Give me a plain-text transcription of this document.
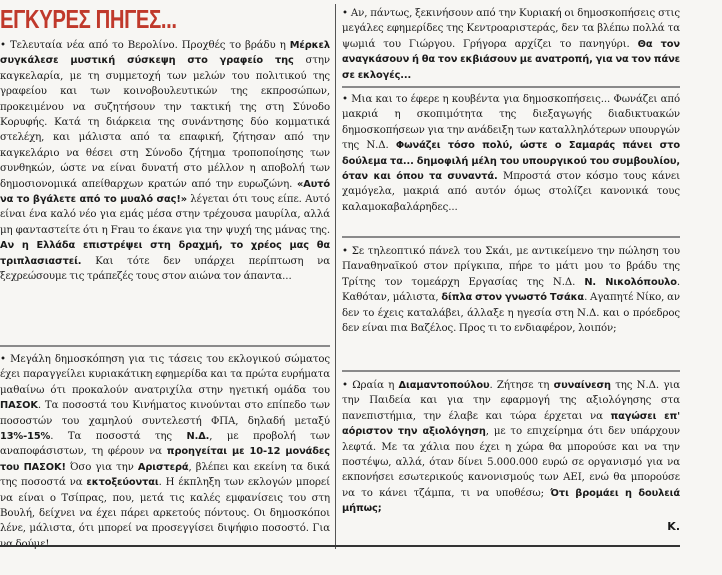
ΕΓΚΥΡΕΣ ΠΗΓΕΣ...

• Τελευταία νέα από το Βερολίνο. Προχθές το βράδυ η Μέρκελ συγκάλεσε μυστική σύσκεψη στο γραφείο της στην καγκελαρία, με τη συμμετοχή των μελών του πολιτικού της γραφείου και των κοινοβουλευτικών της εκπροσώπων, προκειμένου να συζητήσουν την τακτική της στη Σύνοδο Κορυφής. Κατά τη διάρκεια της συνάντησης δύο κομματικά στελέχη, και μάλιστα από τα επαφική, ζήτησαν από την καγκελάριο να θέσει στη Σύνοδο ζήτημα τροποποίησης των συνθηκών, ώστε να είναι δυνατή στο μέλλον η αποβολή των δημοσιονομικά απείθαρχων κρατών από την ευρωζώνη. «Αυτό να το βγάλετε από το μυαλό σας!» λέγεται ότι τους είπε. Αυτό είναι ένα καλό νέο για εμάς μέσα στην τρέχουσα μαυρίλα, αλλά μη φανταστείτε ότι η Frau το έκανε για την ψυχή της μάνας της. Αν η Ελλάδα επιστρέψει στη δραχμή, το χρέος μας θα τριπλασιαστεί. Και τότε δεν υπάρχει περίπτωση να ξεχρεώσουμε τις τράπεζές τους στον αιώνα τον άπαντα...

• Μεγάλη δημοσκόπηση για τις τάσεις του εκλογικού σώματος έχει παραγγείλει κυριακάτικη εφημερίδα και τα πρώτα ευρήματα μαθαίνω ότι προκαλούν ανατριχίλα στην ηγετική ομάδα του ΠΑΣΟΚ. Τα ποσοστά του Κινήματος κινούνται στο επίπεδο των ποσοστών του χαμηλού συντελεστή ΦΠΑ, δηλαδή μεταξύ 13%-15%. Τα ποσοστά της Ν.Δ., με προβολή των αναποφάσιστων, τη φέρουν να προηγείται με 10-12 μονάδες του ΠΑΣΟΚ! Όσο για την Αριστερά, βλέπει και εκείνη τα δικά της ποσοστά να εκτοξεύονται. Η έκπληξη των εκλογών μπορεί να είναι ο Τσίπρας, που, μετά τις καλές εμφανίσεις του στη Βουλή, δείχνει να έχει πάρει αρκετούς πόντους. Οι δημοσκόποι λένε, μάλιστα, ότι μπορεί να προσεγγίσει διψήφιο ποσοστό. Για

• Αν, πάντως, ξεκινήσουν από την Κυριακή οι δημοσκοπήσεις στις μεγάλες εφημερίδες της Κεντροαριστεράς, δεν τα βλέπω πολλά τα ψωμιά του Γιώργου. Γρήγορα αρχίζει το πανηγύρι. Θα τον αναγκάσουν ή θα τον εκβιάσουν με ανατροπή, για να τον πάνε σε εκλογές...

• Μια και το έφερε η κουβέντα για δημοσκοπήσεις... Φωνάζει από μακριά η σκοπιμότητα της διεξαγωγής διαδικτυακών δημοσκοπήσεων για την ανάδειξη των καταλληλότερων υπουργών της Ν.Δ. Φωνάζει τόσο πολύ, ώστε ο Σαμαράς πάνει στο δούλεμα τα... δημοφιλή μέλη του υπουργικού του συμβουλίου, όταν και όπου τα συναντά. Μπροστά στον κόσμο τους κάνει χαμόγελα, μακριά από αυτόν όμως στολίζει κανονικά τους καλαμοκαβαλάρηδες...

• Σε τηλεοπτικό πάνελ του Σκάι, με αντικείμενο την πώληση του Παναθηναϊκού στον πρίγκιπα, πήρε το μάτι μου το βράδυ της Τρίτης τον τομεάρχη Εργασίας της Ν.Δ. Ν. Νικολόπουλο. Καθόταν, μάλιστα, δίπλα στον γνωστό Τσάκα. Αγαπητέ Νίκο, αν δεν το έχεις καταλάβει, άλλαξε η ηγεσία στη Ν.Δ. και ο πρόεδρος δεν είναι πια Βαζέλος. Προς τι το ενδιαφέρον, λοιπόν;

• Ωραία η Διαμαντοπούλου. Ζήτησε τη συναίνεση της Ν.Δ. για την Παιδεία και για την εφαρμογή της αξιολόγησης στα πανεπιστήμια, την έλαβε και τώρα έρχεται να παγώσει επ' αόριστον την αξιολόγηση, με το επιχείρημα ότι δεν υπάρχουν λεφτά. Με τα χάλια που έχει η χώρα θα μπορούσε και να την ποστέψω, αλλά, όταν δίνει 5.000.000 ευρώ σε οργανισμό για να εκπονήσει εσωτερικούς κανονισμούς των ΑΕΙ, ενώ θα μπορούσε να το κάνει τζάμπα, τι να υποθέσω; Ότι βρομάει η δουλειά μήπως;

Κ.
